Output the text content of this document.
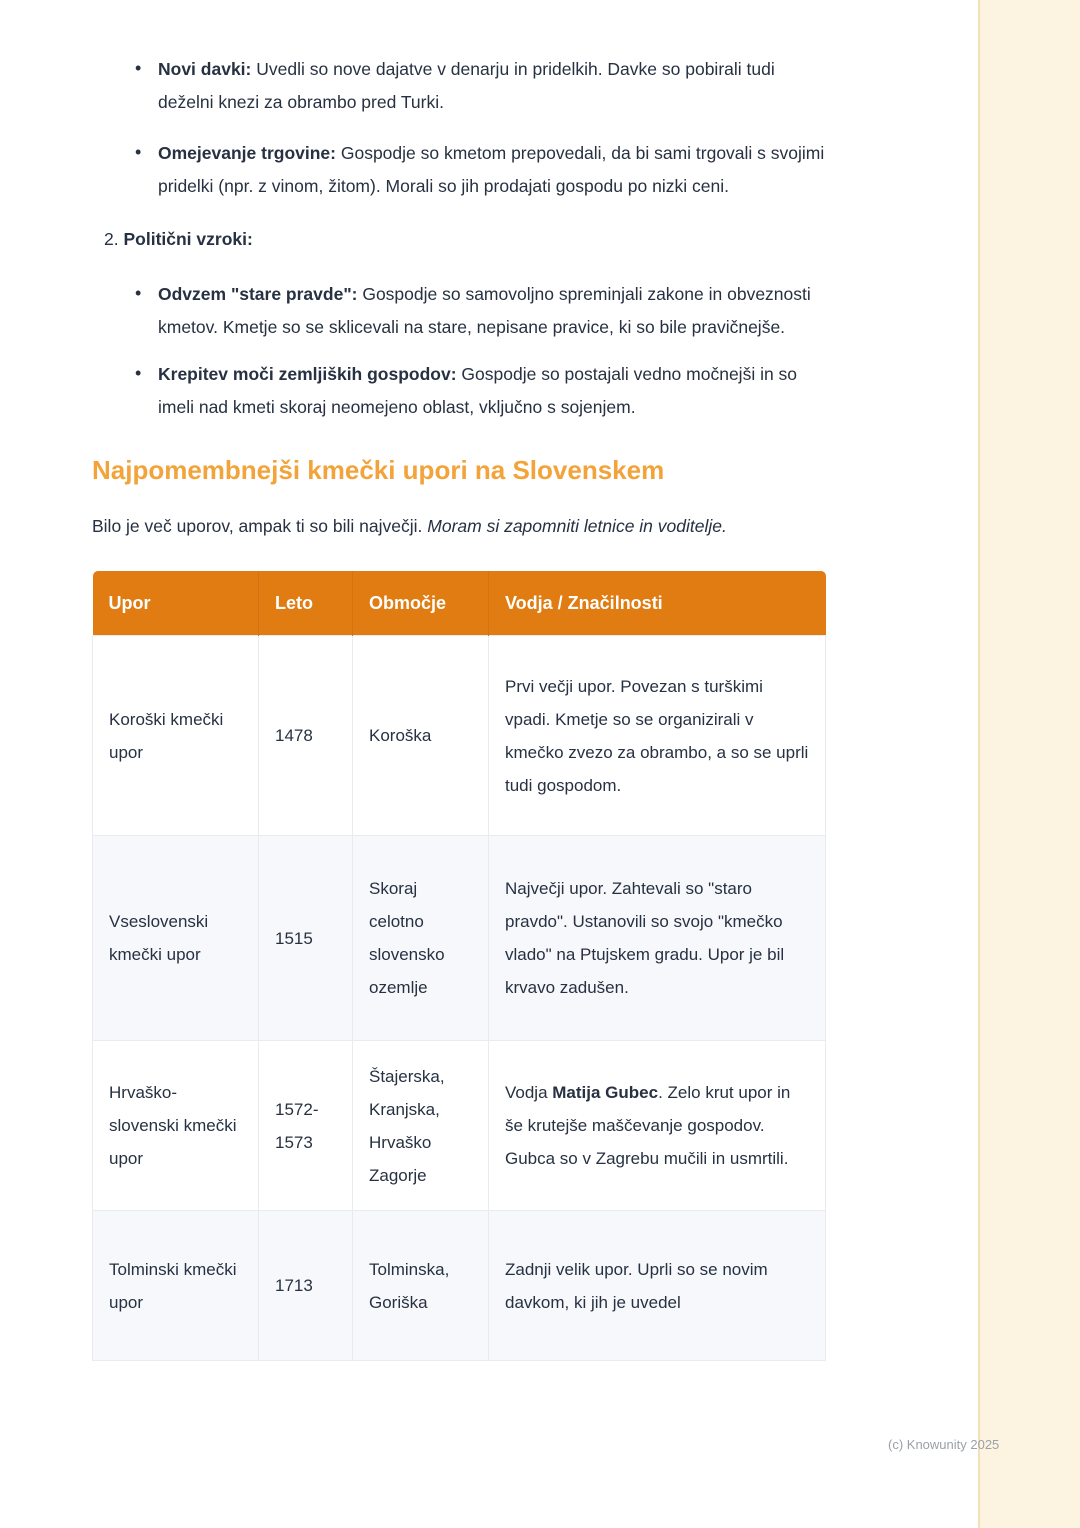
(c) Knowunity 2025
• Novi davki: Uvedli so nove dajatve v denarju in pridelkih. Davke so pobirali tudi deželni knezi za obrambo pred Turki.
• Omejevanje trgovine: Gospodje so kmetom prepovedali, da bi sami trgovali s svojimi pridelki (npr. z vinom, žitom). Morali so jih prodajati gospodu po nizki ceni.

2. Politični vzroki:

• Odvzem "stare pravde": Gospodje so samovoljno spreminjali zakone in obveznosti kmetov. Kmetje so se sklicevali na stare, nepisane pravice, ki so bile pravičnejše.
• Krepitev moči zemljiških gospodov: Gospodje so postajali vedno močnejši in so imeli nad kmeti skoraj neomejeno oblast, vključno s sojenjem.
Najpomembnejši kmečki upori na Slovenskem

Bilo je več uporov, ampak ti so bili največji. Moram si zapomniti letnice in voditelje.

Upor	Leto	Območje	Vodja / Značilnosti
Koroški kmečki upor	1478	Koroška	Prvi večji upor. Povezan s turškimi vpadi. Kmetje so se organizirali v kmečko zvezo za obrambo, a so se uprli tudi gospodom.
Vseslovenski kmečki upor	1515	Skoraj celotno slovensko ozemlje	Največji upor. Zahtevali so "staro pravdo". Ustanovili so svojo "kmečko vlado" na Ptujskem gradu. Upor je bil krvavo zadušen.
Hrvaško-slovenski kmečki upor	1572-1573	Štajerska, Kranjska, Hrvaško Zagorje	Vodja Matija Gubec. Zelo krut upor in še krutejše maščevanje gospodov. Gubca so v Zagrebu mučili in usmrtili.
Tolminski kmečki upor	1713	Tolminska, Goriška	Zadnji velik upor. Uprli so se novim davkom, ki jih je uvedel
